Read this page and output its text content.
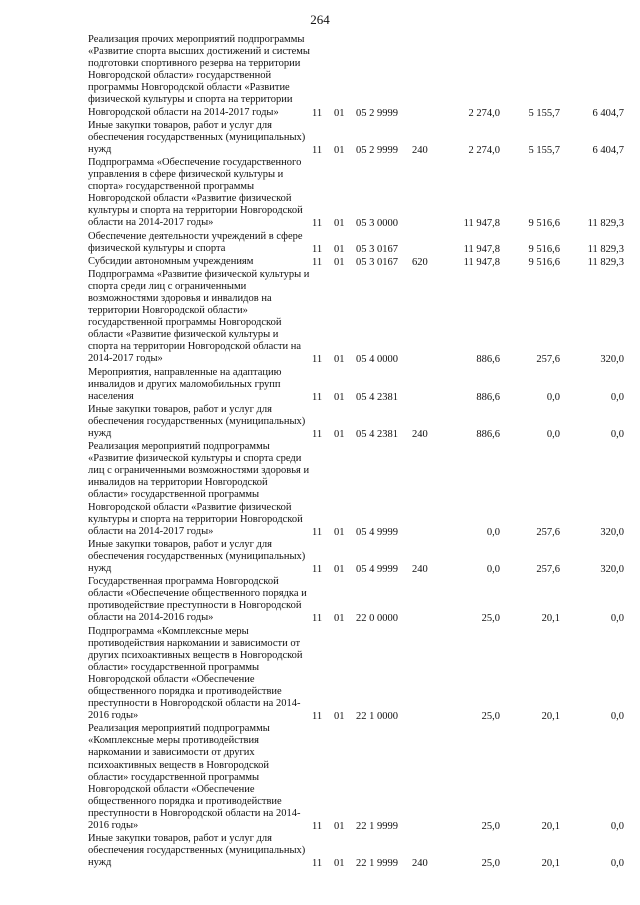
264
Реализация прочих мероприятий подпрограммы «Развитие спорта высших достижений и системы подготовки спортивного резерва на территории Новгородской области» государственной программы Новгородской области «Развитие физической культуры и спорта на территории Новгородской области на 2014-2017 годы»	11	01	05 2 9999		2 274,0	5 155,7	6 404,7
Иные закупки товаров, работ и услуг для обеспечения государственных (муниципальных) нужд	11	01	05 2 9999	240	2 274,0	5 155,7	6 404,7
Подпрограмма «Обеспечение государственного управления в сфере физической культуры и спорта» государственной программы Новгородской области «Развитие физической культуры и спорта на территории Новгородской области на 2014-2017 годы»	11	01	05 3 0000		11 947,8	9 516,6	11 829,3
Обеспечение деятельности учреждений в сфере физической культуры и спорта	11	01	05 3 0167		11 947,8	9 516,6	11 829,3
Субсидии автономным учреждениям	11	01	05 3 0167	620	11 947,8	9 516,6	11 829,3
Подпрограмма «Развитие физической культуры и спорта среди лиц с ограниченными возможностями здоровья и инвалидов на территории Новгородской области» государственной программы Новгородской области «Развитие физической культуры и спорта на территории Новгородской области на 2014-2017 годы»	11	01	05 4 0000		886,6	257,6	320,0
Мероприятия, направленные на адаптацию инвалидов и других маломобильных групп населения	11	01	05 4 2381		886,6	0,0	0,0
Иные закупки товаров, работ и услуг для обеспечения государственных (муниципальных) нужд	11	01	05 4 2381	240	886,6	0,0	0,0
Реализация мероприятий подпрограммы «Развитие физической культуры и спорта среди лиц с ограниченными возможностями здоровья и инвалидов на территории Новгородской области» государственной программы Новгородской области «Развитие физической культуры и спорта на территории Новгородской области на 2014-2017 годы»	11	01	05 4 9999		0,0	257,6	320,0
Иные закупки товаров, работ и услуг для обеспечения государственных (муниципальных) нужд	11	01	05 4 9999	240	0,0	257,6	320,0
Государственная программа Новгородской области «Обеспечение общественного порядка и противодействие преступности в Новгородской области на 2014-2016 годы»	11	01	22 0 0000		25,0	20,1	0,0
Подпрограмма «Комплексные меры противодействия наркомании и зависимости от других психоактивных веществ в Новгородской области» государственной программы Новгородской области «Обеспечение общественного порядка и противодействие преступности в Новгородской области на 2014-2016 годы»	11	01	22 1 0000		25,0	20,1	0,0
Реализация мероприятий подпрограммы «Комплексные меры противодействия наркомании и зависимости от других психоактивных веществ в Новгородской области» государственной программы Новгородской области «Обеспечение общественного порядка и противодействие преступности в Новгородской области на 2014-2016 годы»	11	01	22 1 9999		25,0	20,1	0,0
Иные закупки товаров, работ и услуг для обеспечения государственных (муниципальных) нужд	11	01	22 1 9999	240	25,0	20,1	0,0
